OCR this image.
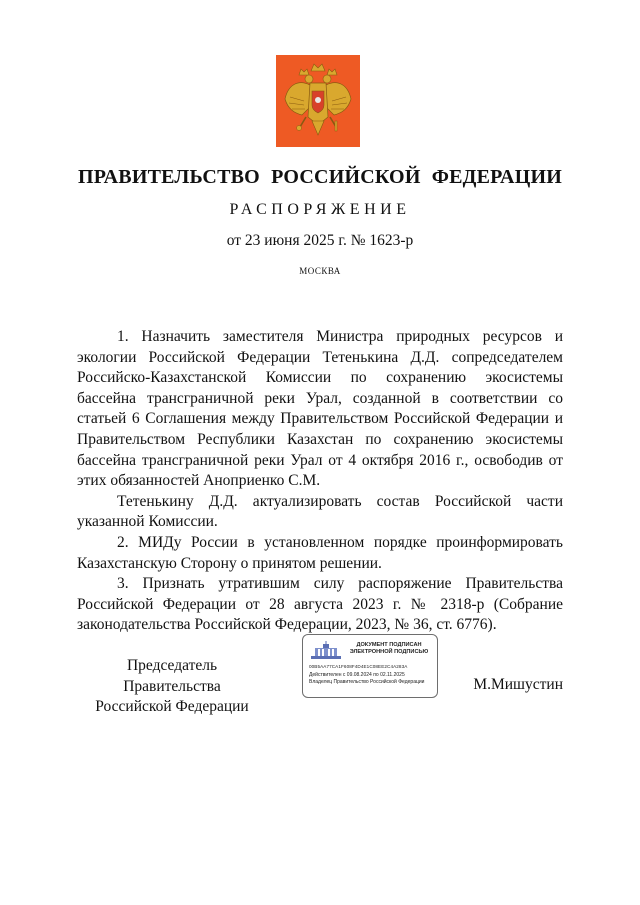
ПРАВИТЕЛЬСТВО РОССИЙСКОЙ ФЕДЕРАЦИИ
РАСПОРЯЖЕНИЕ
от 23 июня 2025 г. № 1623-р
МОСКВА

1. Назначить заместителя Министра природных ресурсов и экологии Российской Федерации Тетенькина Д.Д. сопредседателем Российско-Казахстанской Комиссии по сохранению экосистемы бассейна трансграничной реки Урал, созданной в соответствии со статьей 6 Соглашения между Правительством Российской Федерации и Правительством Республики Казахстан по сохранению экосистемы бассейна трансграничной реки Урал от 4 октября 2016 г., освободив от этих обязанностей Аноприенко С.М.

Тетенькину Д.Д. актуализировать состав Российской части указанной Комиссии.

2. МИДу России в установленном порядке проинформировать Казахстанскую Сторону о принятом решении.

3. Признать утратившим силу распоряжение Правительства Российской Федерации от 28 августа 2023 г. № 2318-р (Собрание законодательства Российской Федерации, 2023, № 36, ст. 6776).

Председатель Правительства
Российской Федерации
ДОКУМЕНТ ПОДПИСАН
ЭЛЕКТРОННОЙ ПОДПИСЬЮ
00B5AA77CA1F608F4D4E1C08EE2C4A283A
Действителен с 09.08.2024 по 02.11.2025
Владелец Правительство Российской Федерации	М.Мишустин
